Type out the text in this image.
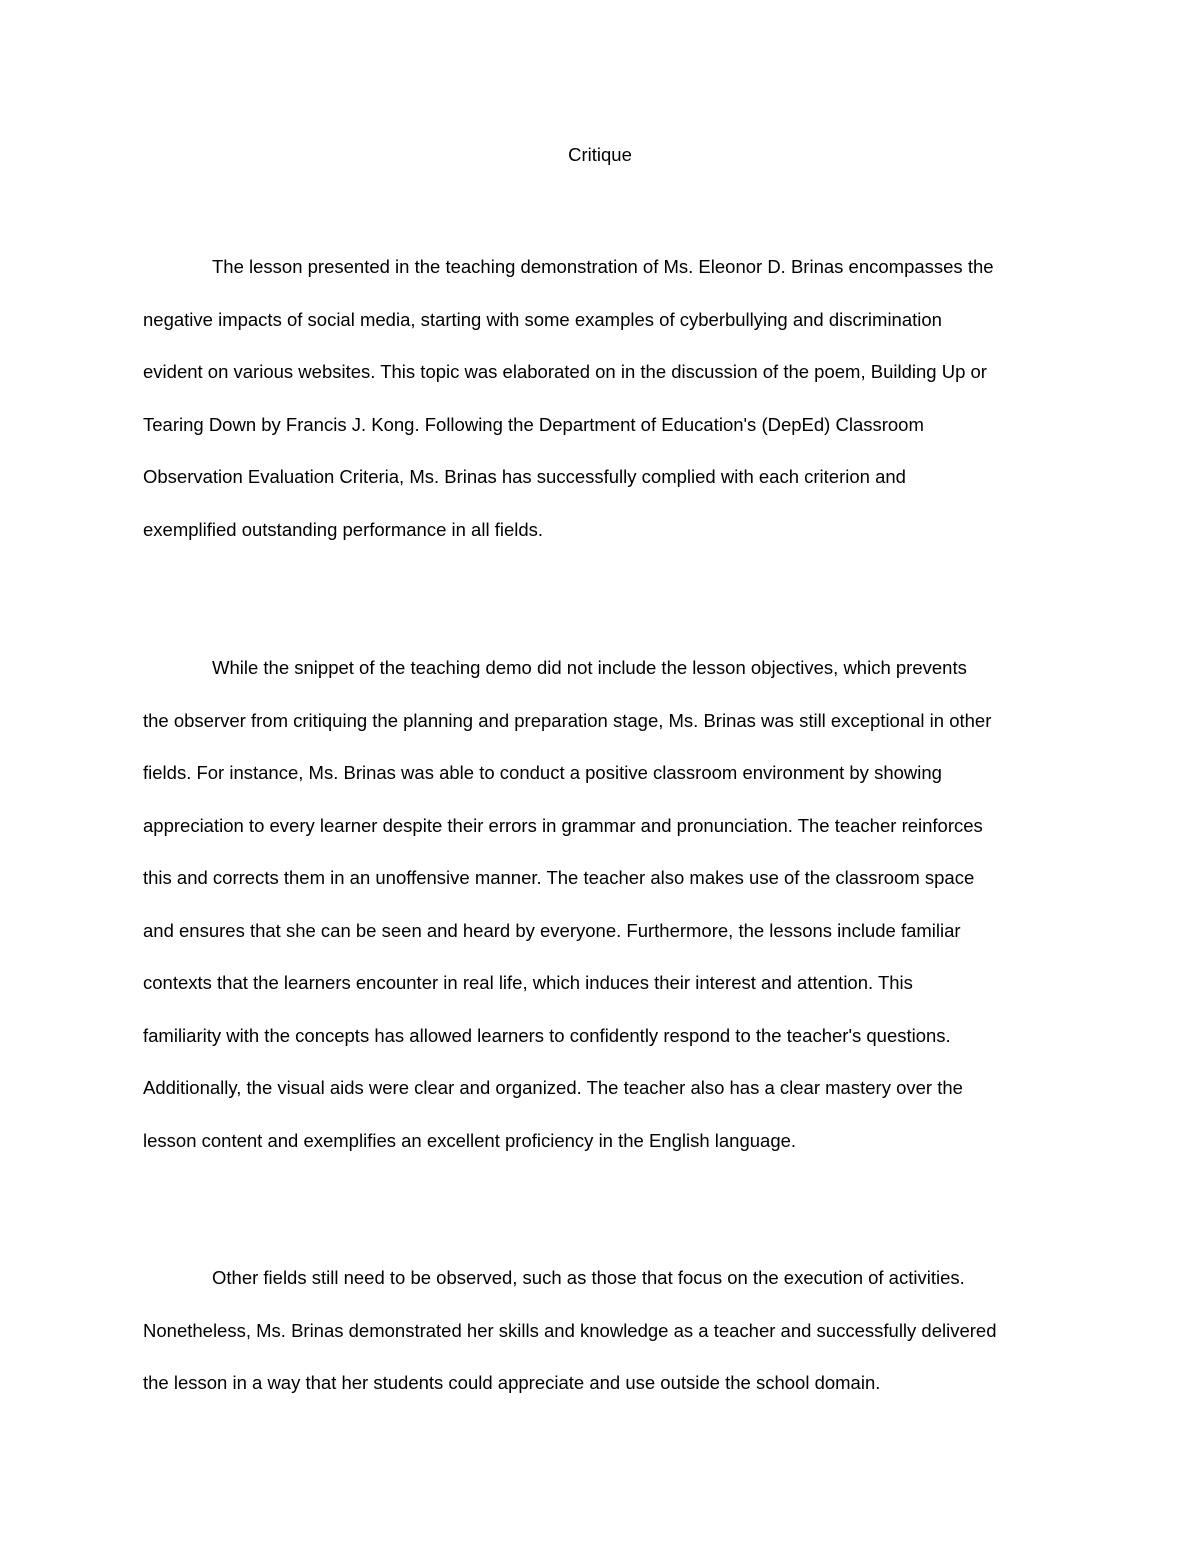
Critique

The lesson presented in the teaching demonstration of Ms. Eleonor D. Brinas encompasses the
negative impacts of social media, starting with some examples of cyberbullying and discrimination
evident on various websites. This topic was elaborated on in the discussion of the poem, Building Up or
Tearing Down by Francis J. Kong. Following the Department of Education's (DepEd) Classroom
Observation Evaluation Criteria, Ms. Brinas has successfully complied with each criterion and
exemplified outstanding performance in all fields.

While the snippet of the teaching demo did not include the lesson objectives, which prevents
the observer from critiquing the planning and preparation stage, Ms. Brinas was still exceptional in other
fields. For instance, Ms. Brinas was able to conduct a positive classroom environment by showing
appreciation to every learner despite their errors in grammar and pronunciation. The teacher reinforces
this and corrects them in an unoffensive manner. The teacher also makes use of the classroom space
and ensures that she can be seen and heard by everyone. Furthermore, the lessons include familiar
contexts that the learners encounter in real life, which induces their interest and attention. This
familiarity with the concepts has allowed learners to confidently respond to the teacher's questions.
Additionally, the visual aids were clear and organized. The teacher also has a clear mastery over the
lesson content and exemplifies an excellent proficiency in the English language.

Other fields still need to be observed, such as those that focus on the execution of activities.
Nonetheless, Ms. Brinas demonstrated her skills and knowledge as a teacher and successfully delivered
the lesson in a way that her students could appreciate and use outside the school domain.
